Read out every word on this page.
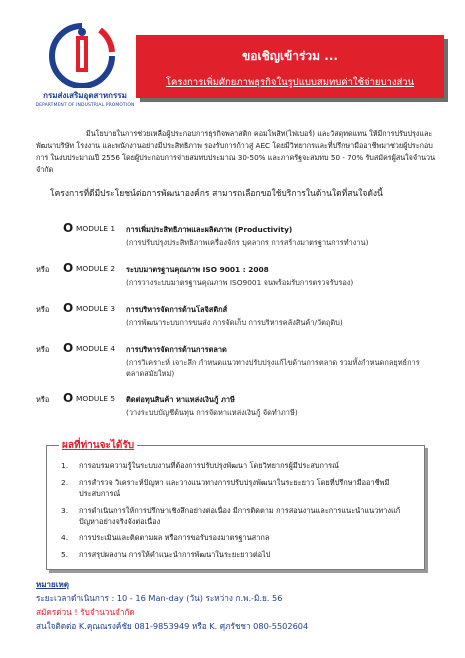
กรมส่งเสริมอุตสาหกรรม
DEPARTMENT OF INDUSTRIAL PROMOTION
ขอเชิญเข้าร่วม ...
โครงการเพิ่มศักยภาพธุรกิจในรูปแบบสมทบค่าใช้จ่ายบางส่วน
มีนโยบายในการช่วยเหลือผู้ประกอบการธุรกิจพลาสติก คอมโพสิท(ไฟเบอร์) และวัสดุทดแทน ให้มีการปรับปรุงและพัฒนาบริษัท โรงงาน และพนักงานอย่างมีประสิทธิภาพ รองรับการก้าวสู่ AEC โดยมีวิทยากรและที่ปรึกษามืออาชีพมาช่วยผู้ประกอบการ ในงบประมาณปี 2556 โดยผู้ประกอบการจ่ายสมทบประมาณ 30-50% และภาครัฐจะสมทบ 50 - 70% รับสมัครผู้สนใจจำนวนจำกัด
โครงการที่ดีมีประโยชน์ต่อการพัฒนาองค์กร สามารถเลือกขอใช้บริการในด้านใดที่สนใจดังนี้
O MODULE 1 การเพิ่มประสิทธิภาพและผลิตภาพ (Productivity)
(การปรับปรุงประสิทธิภาพเครื่องจักร บุคลากร การสร้างมาตรฐานการทำงาน)
หรือ	O MODULE 2 ระบบมาตรฐานคุณภาพ ISO 9001 : 2008
(การวางระบบมาตรฐานคุณภาพ ISO9001 จนพร้อมรับการตรวจรับรอง)
หรือ	O MODULE 3 การบริหารจัดการด้านโลจิสติกส์
(การพัฒนาระบบการขนส่ง การจัดเก็บ การบริหารคลังสินค้า/วัตถุดิบ)
หรือ	O MODULE 4 การบริหารจัดการด้านการตลาด
(การวิเคราะห์ เจาะลึก กำหนดแนวทางปรับปรุงแก้ไขด้านการตลาด รวมทั้งกำหนดกลยุทธ์การตลาดสมัยใหม่)
หรือ	O MODULE 5 ติดต่อทุนสินค้า หาแหล่งเงินกู้ ภาษี
(วางระบบบัญชีต้นทุน การจัดหาแหล่งเงินกู้ จัดทำภาษี)
ผลที่ท่านจะได้รับ
1. การอบรมความรู้ในระบบงานที่ต้องการปรับปรุงพัฒนา โดยวิทยากรผู้มีประสบการณ์
2. การสำรวจ วิเคราะห์ปัญหา และวางแนวทางการปรับปรุงพัฒนาในระยะยาว โดยที่ปรึกษามืออาชีพมีประสบการณ์
3. การดำเนินการให้การปรึกษาเชิงลึกอย่างต่อเนื่อง มีการติดตาม การสอนงานและการแนะนำแนวทางแก้ปัญหาอย่างจริงจังต่อเนื่อง
4. การประเมินและติดตามผล หรือการขอรับรองมาตรฐานสากล
5. การสรุปผลงาน การให้คำแนะนำการพัฒนาในระยะยาวต่อไป
หมายเหตุ
ระยะเวลาดำเนินการ : 10 - 16 Man-day (วัน) ระหว่าง ก.พ.-มิ.ย. 56
สมัครด่วน ! รับจำนวนจำกัด
สนใจติดต่อ K.คุณณรงค์ชัย 081-9853949 หรือ K. ศุภรัชชา 080-5502604
